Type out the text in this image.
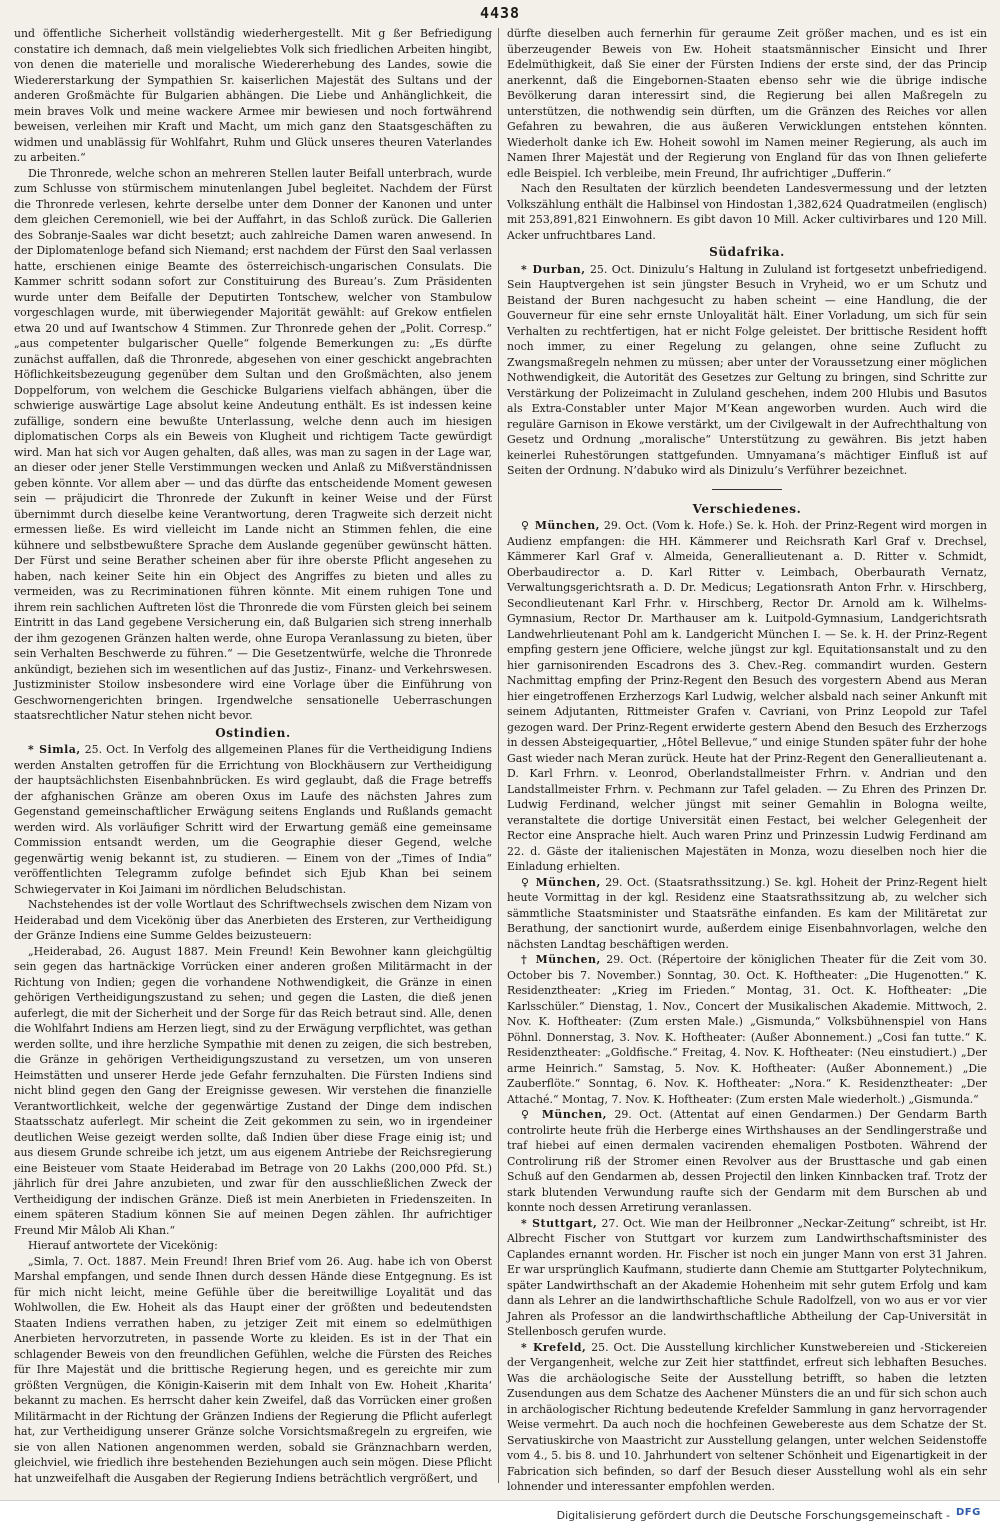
4438

und öffentliche Sicherheit vollständig wiederhergestellt. Mit g ßer Befriedigung constatire ich demnach, daß mein vielgeliebtes Volk sich friedlichen Arbeiten hingibt, von denen die materielle und moralische Wiedererhebung des Landes, sowie die Wiedererstarkung der Sympathien Sr. kaiserlichen Majestät des Sultans und der anderen Großmächte für Bulgarien abhängen. Die Liebe und Anhänglichkeit, die mein braves Volk und meine wackere Armee mir bewiesen und noch fortwährend beweisen, verleihen mir Kraft und Macht, um mich ganz den Staatsgeschäften zu widmen und unablässig für Wohlfahrt, Ruhm und Glück unseres theuren Vaterlandes zu arbeiten.“

Die Thronrede, welche schon an mehreren Stellen lauter Beifall unterbrach, wurde zum Schlusse von stürmischem minutenlangen Jubel begleitet. Nachdem der Fürst die Thronrede verlesen, kehrte derselbe unter dem Donner der Kanonen und unter dem gleichen Ceremoniell, wie bei der Auffahrt, in das Schloß zurück. Die Gallerien des Sobranje-Saales war dicht besetzt; auch zahlreiche Damen waren anwesend. In der Diplomatenloge befand sich Niemand; erst nachdem der Fürst den Saal verlassen hatte, erschienen einige Beamte des österreichisch-ungarischen Consulats. Die Kammer schritt sodann sofort zur Constituirung des Bureau’s. Zum Präsidenten wurde unter dem Beifalle der Deputirten Tontschew, welcher von Stambulow vorgeschlagen wurde, mit überwiegender Majorität gewählt: auf Grekow entfielen etwa 20 und auf Iwantschow 4 Stimmen. Zur Thronrede gehen der „Polit. Corresp.“ „aus competenter bulgarischer Quelle“ folgende Bemerkungen zu: „Es dürfte zunächst auffallen, daß die Thronrede, abgesehen von einer geschickt angebrachten Höflichkeitsbezeugung gegenüber dem Sultan und den Großmächten, also jenem Doppelforum, von welchem die Geschicke Bulgariens vielfach abhängen, über die schwierige auswärtige Lage absolut keine Andeutung enthält. Es ist indessen keine zufällige, sondern eine bewußte Unterlassung, welche denn auch im hiesigen diplomatischen Corps als ein Beweis von Klugheit und richtigem Tacte gewürdigt wird. Man hat sich vor Augen gehalten, daß alles, was man zu sagen in der Lage war, an dieser oder jener Stelle Verstimmungen wecken und Anlaß zu Mißverständnissen geben könnte. Vor allem aber — und das dürfte das entscheidende Moment gewesen sein — präjudicirt die Thronrede der Zukunft in keiner Weise und der Fürst übernimmt durch dieselbe keine Verantwortung, deren Tragweite sich derzeit nicht ermessen ließe. Es wird vielleicht im Lande nicht an Stimmen fehlen, die eine kühnere und selbstbewußtere Sprache dem Auslande gegenüber gewünscht hätten. Der Fürst und seine Berather scheinen aber für ihre oberste Pflicht angesehen zu haben, nach keiner Seite hin ein Object des Angriffes zu bieten und alles zu vermeiden, was zu Recriminationen führen könnte. Mit einem ruhigen Tone und ihrem rein sachlichen Auftreten löst die Thronrede die vom Fürsten gleich bei seinem Eintritt in das Land gegebene Versicherung ein, daß Bulgarien sich streng innerhalb der ihm gezogenen Gränzen halten werde, ohne Europa Veranlassung zu bieten, über sein Verhalten Beschwerde zu führen.“ — Die Gesetzentwürfe, welche die Thronrede ankündigt, beziehen sich im wesentlichen auf das Justiz-, Finanz- und Verkehrswesen. Justizminister Stoilow insbesondere wird eine Vorlage über die Einführung von Geschwornengerichten bringen. Irgendwelche sensationelle Ueberraschungen staatsrechtlicher Natur stehen nicht bevor.

Ostindien.

* Simla, 25. Oct. In Verfolg des allgemeinen Planes für die Vertheidigung Indiens werden Anstalten getroffen für die Errichtung von Blockhäusern zur Vertheidigung der hauptsächlichsten Eisenbahnbrücken. Es wird geglaubt, daß die Frage betreffs der afghanischen Gränze am oberen Oxus im Laufe des nächsten Jahres zum Gegenstand gemeinschaftlicher Erwägung seitens Englands und Rußlands gemacht werden wird. Als vorläufiger Schritt wird der Erwartung gemäß eine gemeinsame Commission entsandt werden, um die Geographie dieser Gegend, welche gegenwärtig wenig bekannt ist, zu studieren. — Einem von der „Times of India“ veröffentlichten Telegramm zufolge befindet sich Ejub Khan bei seinem Schwiegervater in Koi Jaimani im nördlichen Beludschistan.

Nachstehendes ist der volle Wortlaut des Schriftwechsels zwischen dem Nizam von Heiderabad und dem Vicekönig über das Anerbieten des Ersteren, zur Vertheidigung der Gränze Indiens eine Summe Geldes beizusteuern:

„Heiderabad, 26. August 1887. Mein Freund! Kein Bewohner kann gleichgültig sein gegen das hartnäckige Vorrücken einer anderen großen Militärmacht in der Richtung von Indien; gegen die vorhandene Nothwendigkeit, die Gränze in einen gehörigen Vertheidigungszustand zu sehen; und gegen die Lasten, die dieß jenen auferlegt, die mit der Sicherheit und der Sorge für das Reich betraut sind. Alle, denen die Wohlfahrt Indiens am Herzen liegt, sind zu der Erwägung verpflichtet, was gethan werden sollte, und ihre herzliche Sympathie mit denen zu zeigen, die sich bestreben, die Gränze in gehörigen Vertheidigungszustand zu versetzen, um von unseren Heimstätten und unserer Herde jede Gefahr fernzuhalten. Die Fürsten Indiens sind nicht blind gegen den Gang der Ereignisse gewesen. Wir verstehen die finanzielle Verantwortlichkeit, welche der gegenwärtige Zustand der Dinge dem indischen Staatsschatz auferlegt. Mir scheint die Zeit gekommen zu sein, wo in irgendeiner deutlichen Weise gezeigt werden sollte, daß Indien über diese Frage einig ist; und aus diesem Grunde schreibe ich jetzt, um aus eigenem Antriebe der Reichsregierung eine Beisteuer vom Staate Heiderabad im Betrage von 20 Lakhs (200,000 Pfd. St.) jährlich für drei Jahre anzubieten, und zwar für den ausschließlichen Zweck der Vertheidigung der indischen Gränze. Dieß ist mein Anerbieten in Friedenszeiten. In einem späteren Stadium können Sie auf meinen Degen zählen. Ihr aufrichtiger Freund Mir Mâlob Ali Khan.“

Hierauf antwortete der Vicekönig:

„Simla, 7. Oct. 1887. Mein Freund! Ihren Brief vom 26. Aug. habe ich von Oberst Marshal empfangen, und sende Ihnen durch dessen Hände diese Entgegnung. Es ist für mich nicht leicht, meine Gefühle über die bereitwillige Loyalität und das Wohlwollen, die Ew. Hoheit als das Haupt einer der größten und bedeutendsten Staaten Indiens verrathen haben, zu jetziger Zeit mit einem so edelmüthigen Anerbieten hervorzutreten, in passende Worte zu kleiden. Es ist in der That ein schlagender Beweis von den freundlichen Gefühlen, welche die Fürsten des Reiches für Ihre Majestät und die brittische Regierung hegen, und es gereichte mir zum größten Vergnügen, die Königin-Kaiserin mit dem Inhalt von Ew. Hoheit ‚Kharita‘ bekannt zu machen. Es herrscht daher kein Zweifel, daß das Vorrücken einer großen Militärmacht in der Richtung der Gränzen Indiens der Regierung die Pflicht auferlegt hat, zur Vertheidigung unserer Gränze solche Vorsichtsmaßregeln zu ergreifen, wie sie von allen Nationen angenommen werden, sobald sie Gränznachbarn werden, gleichviel, wie friedlich ihre bestehenden Beziehungen auch sein mögen. Diese Pflicht hat unzweifelhaft die Ausgaben der Regierung Indiens beträchtlich vergrößert, und

dürfte dieselben auch fernerhin für geraume Zeit größer machen, und es ist ein überzeugender Beweis von Ew. Hoheit staatsmännischer Einsicht und Ihrer Edelmüthigkeit, daß Sie einer der Fürsten Indiens der erste sind, der das Princip anerkennt, daß die Eingebornen-Staaten ebenso sehr wie die übrige indische Bevölkerung daran interessirt sind, die Regierung bei allen Maßregeln zu unterstützen, die nothwendig sein dürften, um die Gränzen des Reiches vor allen Gefahren zu bewahren, die aus äußeren Verwicklungen entstehen könnten. Wiederholt danke ich Ew. Hoheit sowohl im Namen meiner Regierung, als auch im Namen Ihrer Majestät und der Regierung von England für das von Ihnen gelieferte edle Beispiel. Ich verbleibe, mein Freund, Ihr aufrichtiger „Dufferin.“

Nach den Resultaten der kürzlich beendeten Landesvermessung und der letzten Volkszählung enthält die Halbinsel von Hindostan 1,382,624 Quadratmeilen (englisch) mit 253,891,821 Einwohnern. Es gibt davon 10 Mill. Acker cultivirbares und 120 Mill. Acker unfruchtbares Land.

Südafrika.

* Durban, 25. Oct. Dinizulu’s Haltung in Zululand ist fortgesetzt unbefriedigend. Sein Hauptvergehen ist sein jüngster Besuch in Vryheid, wo er um Schutz und Beistand der Buren nachgesucht zu haben scheint — eine Handlung, die der Gouverneur für eine sehr ernste Unloyalität hält. Einer Vorladung, um sich für sein Verhalten zu rechtfertigen, hat er nicht Folge geleistet. Der brittische Resident hofft noch immer, zu einer Regelung zu gelangen, ohne seine Zuflucht zu Zwangsmaßregeln nehmen zu müssen; aber unter der Voraussetzung einer möglichen Nothwendigkeit, die Autorität des Gesetzes zur Geltung zu bringen, sind Schritte zur Verstärkung der Polizeimacht in Zululand geschehen, indem 200 Hlubis und Basutos als Extra-Constabler unter Major M’Kean angeworben wurden. Auch wird die reguläre Garnison in Ekowe verstärkt, um der Civilgewalt in der Aufrechthaltung von Gesetz und Ordnung „moralische“ Unterstützung zu gewähren. Bis jetzt haben keinerlei Ruhestörungen stattgefunden. Umnyamana’s mächtiger Einfluß ist auf Seiten der Ordnung. N’dabuko wird als Dinizulu’s Verführer bezeichnet.

Verschiedenes.

♀ München, 29. Oct. (Vom k. Hofe.) Se. k. Hoh. der Prinz-Regent wird morgen in Audienz empfangen: die HH. Kämmerer und Reichsrath Karl Graf v. Drechsel, Kämmerer Karl Graf v. Almeida, Generallieutenant a. D. Ritter v. Schmidt, Oberbaudirector a. D. Karl Ritter v. Leimbach, Oberbaurath Vernatz, Verwaltungsgerichtsrath a. D. Dr. Medicus; Legationsrath Anton Frhr. v. Hirschberg, Secondlieutenant Karl Frhr. v. Hirschberg, Rector Dr. Arnold am k. Wilhelms-Gymnasium, Rector Dr. Marthauser am k. Luitpold-Gymnasium, Landgerichtsrath Landwehrlieutenant Pohl am k. Landgericht München I. — Se. k. H. der Prinz-Regent empfing gestern jene Officiere, welche jüngst zur kgl. Equitationsanstalt und zu den hier garnisonirenden Escadrons des 3. Chev.-Reg. commandirt wurden. Gestern Nachmittag empfing der Prinz-Regent den Besuch des vorgestern Abend aus Meran hier eingetroffenen Erzherzogs Karl Ludwig, welcher alsbald nach seiner Ankunft mit seinem Adjutanten, Rittmeister Grafen v. Cavriani, von Prinz Leopold zur Tafel gezogen ward. Der Prinz-Regent erwiderte gestern Abend den Besuch des Erzherzogs in dessen Absteigequartier, „Hôtel Bellevue,“ und einige Stunden später fuhr der hohe Gast wieder nach Meran zurück. Heute hat der Prinz-Regent den Generallieutenant a. D. Karl Frhrn. v. Leonrod, Oberlandstallmeister Frhrn. v. Andrian und den Landstallmeister Frhrn. v. Pechmann zur Tafel geladen. — Zu Ehren des Prinzen Dr. Ludwig Ferdinand, welcher jüngst mit seiner Gemahlin in Bologna weilte, veranstaltete die dortige Universität einen Festact, bei welcher Gelegenheit der Rector eine Ansprache hielt. Auch waren Prinz und Prinzessin Ludwig Ferdinand am 22. d. Gäste der italienischen Majestäten in Monza, wozu dieselben noch hier die Einladung erhielten.

♀ München, 29. Oct. (Staatsrathssitzung.) Se. kgl. Hoheit der Prinz-Regent hielt heute Vormittag in der kgl. Residenz eine Staatsrathssitzung ab, zu welcher sich sämmtliche Staatsminister und Staatsräthe einfanden. Es kam der Militäretat zur Berathung, der sanctionirt wurde, außerdem einige Eisenbahnvorlagen, welche den nächsten Landtag beschäftigen werden.

† München, 29. Oct. (Répertoire der königlichen Theater für die Zeit vom 30. October bis 7. November.) Sonntag, 30. Oct. K. Hoftheater: „Die Hugenotten.“ K. Residenztheater: „Krieg im Frieden.“ Montag, 31. Oct. K. Hoftheater: „Die Karlsschüler.“ Dienstag, 1. Nov., Concert der Musikalischen Akademie. Mittwoch, 2. Nov. K. Hoftheater: (Zum ersten Male.) „Gismunda,“ Volksbühnenspiel von Hans Pöhnl. Donnerstag, 3. Nov. K. Hoftheater: (Außer Abonnement.) „Cosi fan tutte.“ K. Residenztheater: „Goldfische.“ Freitag, 4. Nov. K. Hoftheater: (Neu einstudiert.) „Der arme Heinrich.“ Samstag, 5. Nov. K. Hoftheater: (Außer Abonnement.) „Die Zauberflöte.“ Sonntag, 6. Nov. K. Hoftheater: „Nora.“ K. Residenztheater: „Der Attaché.“ Montag, 7. Nov. K. Hoftheater: (Zum ersten Male wiederholt.) „Gismunda.“

♀ München, 29. Oct. (Attentat auf einen Gendarmen.) Der Gendarm Barth controlirte heute früh die Herberge eines Wirthshauses an der Sendlingerstraße und traf hiebei auf einen dermalen vacirenden ehemaligen Postboten. Während der Controlirung riß der Stromer einen Revolver aus der Brusttasche und gab einen Schuß auf den Gendarmen ab, dessen Projectil den linken Kinnbacken traf. Trotz der stark blutenden Verwundung raufte sich der Gendarm mit dem Burschen ab und konnte noch dessen Arretirung veranlassen.

* Stuttgart, 27. Oct. Wie man der Heilbronner „Neckar-Zeitung“ schreibt, ist Hr. Albrecht Fischer von Stuttgart vor kurzem zum Landwirthschaftsminister des Caplandes ernannt worden. Hr. Fischer ist noch ein junger Mann von erst 31 Jahren. Er war ursprünglich Kaufmann, studierte dann Chemie am Stuttgarter Polytechnikum, später Landwirthschaft an der Akademie Hohenheim mit sehr gutem Erfolg und kam dann als Lehrer an die landwirthschaftliche Schule Radolfzell, von wo aus er vor vier Jahren als Professor an die landwirthschaftliche Abtheilung der Cap-Universität in Stellenbosch gerufen wurde.

* Krefeld, 25. Oct. Die Ausstellung kirchlicher Kunstwebereien und -Stickereien der Vergangenheit, welche zur Zeit hier stattfindet, erfreut sich lebhaften Besuches. Was die archäologische Seite der Ausstellung betrifft, so haben die letzten Zusendungen aus dem Schatze des Aachener Münsters die an und für sich schon auch in archäologischer Richtung bedeutende Krefelder Sammlung in ganz hervorragender Weise vermehrt. Da auch noch die hochfeinen Gewebereste aus dem Schatze der St. Servatiuskirche von Maastricht zur Ausstellung gelangen, unter welchen Seidenstoffe vom 4., 5. bis 8. und 10. Jahrhundert von seltener Schönheit und Eigenartigkeit in der Fabrication sich befinden, so darf der Besuch dieser Ausstellung wohl als ein sehr lohnender und interessanter empfohlen werden.

Digitalisierung gefördert durch die Deutsche Forschungsgemeinschaft - DFG
